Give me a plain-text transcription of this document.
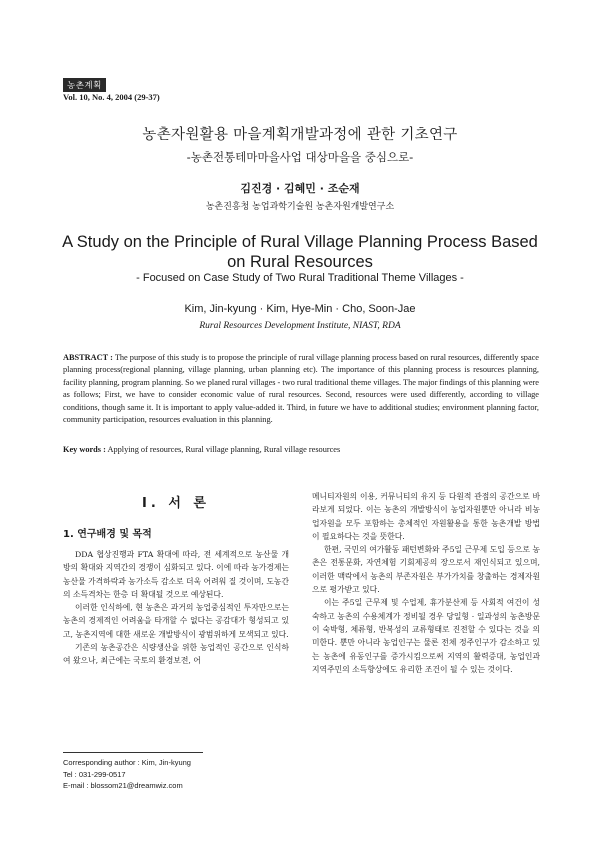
농촌계획
Vol. 10, No. 4, 2004 (29-37)
농촌자원활용 마을계획개발과정에 관한 기초연구
-농촌전통테마마을사업 대상마을을 중심으로-
김진경 · 김혜민 · 조순재
농촌진흥청 농업과학기술원 농촌자원개발연구소
A Study on the Principle of Rural Village Planning Process Based on Rural Resources
- Focused on Case Study of Two Rural Traditional Theme Villages -
Kim, Jin-kyung · Kim, Hye-Min · Cho, Soon-Jae
Rural Resources Development Institute, NIAST, RDA
ABSTRACT : The purpose of this study is to propose the principle of rural village planning process based on rural resources, differently space planning process(regional planning, village planning, urban planning etc). The importance of this planning process is resources planning, facility planning, program planning. So we planed rural villages - two rural traditional theme villages. The major findings of this planning were as follows; First, we have to consider economic value of rural resources. Second, resources were used differently, according to village conditions, though same it. It is important to apply value-added it. Third, in future we have to additional studies; environment planning factor, community participation, resources evaluation in this planning.
Key words : Applying of resources, Rural village planning, Rural village resources
Ⅰ. 서 론
1. 연구배경 및 목적

DDA 협상진행과 FTA 확대에 따라, 전 세계적으로 농산물 개방의 확대와 지역간의 경쟁이 심화되고 있다. 이에 따라 농가경제는 농산물 가격하락과 농가소득 감소로 더욱 어려워 질 것이며, 도농간의 소득격차는 한층 더 확대될 것으로 예상된다.

이러한 인식하에, 현 농촌은 과거의 농업중심적인 투자만으로는 농촌의 경제적인 어려움을 타개할 수 없다는 공감대가 형성되고 있고, 농촌지역에 대한 새로운 개발방식이 광범위하게 모색되고 있다.

기존의 농촌공간은 식량생산을 위한 농업적인 공간으로 인식하여 왔으나, 최근에는 국토의 환경보전, 어

메니티자원의 이용, 커뮤니티의 유지 등 다원적 관점의 공간으로 바라보게 되었다. 이는 농촌의 개발방식이 농업자원뿐만 아니라 비농업자원을 모두 포함하는 총체적인 자원활용을 통한 농촌개발 방법이 필요하다는 것을 뜻한다.

한편, 국민의 여가활동 패턴변화와 주5일 근무제 도입 등으로 농촌은 전통문화, 자연체험 기회제공의 장으로서 재인식되고 있으며, 이러한 맥락에서 농촌의 부존자원은 부가가치를 창출하는 경제자원으로 평가받고 있다.

이는 주5일 근무제 및 수업제, 휴가분산제 등 사회적 여건이 성숙하고 농촌의 수용체계가 정비될 경우 당일형 · 일과성의 농촌방문이 숙박형, 체류형, 반복성의 교류형태로 진전할 수 있다는 것을 의미한다. 뿐만 아니라 농업인구는 물론 전체 정주인구가 감소하고 있는 농촌에 유동인구를 증가시킴으로써 지역의 활력증대, 농업인과 지역주민의 소득향상에도 유리한 조건이 될 수 있는 것이다.

Corresponding author : Kim, Jin-kyung
Tel : 031-299-0517
E-mail : blossom21@dreamwiz.com
